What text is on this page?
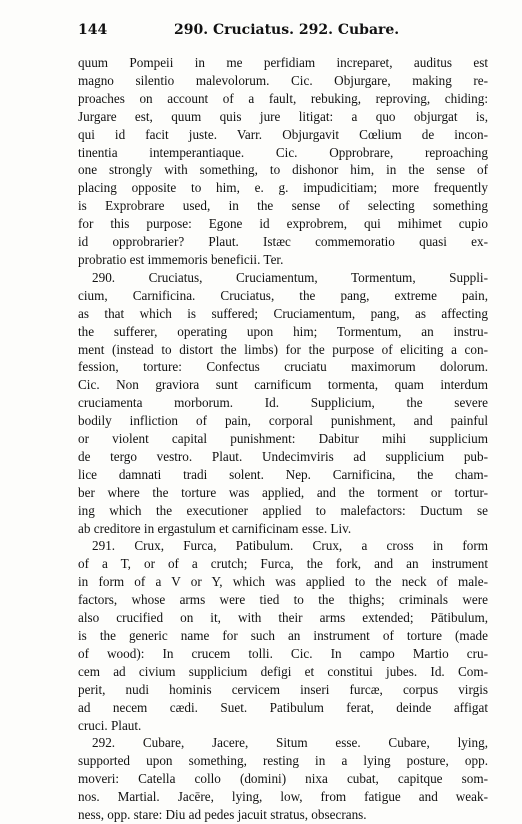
144	290. Cruciatus. 292. Cubare.
quum Pompeii in me perfidiam increparet, auditus est
magno silentio malevolorum. Cic. Objurgare, making re-
proaches on account of a fault, rebuking, reproving, chiding:
Jurgare est, quum quis jure litigat: a quo objurgat is,
qui id facit juste. Varr. Objurgavit Cœlium de incon-
tinentia intemperantiaque. Cic. Opprobrare, reproaching
one strongly with something, to dishonor him, in the sense of
placing opposite to him, e. g. impudicitiam; more frequently
is Exprobrare used, in the sense of selecting something
for this purpose: Egone id exprobrem, qui mihimet cupio
id opprobrarier? Plaut. Istæc commemoratio quasi ex-
probratio est immemoris beneficii. Ter.
290. Cruciatus, Cruciamentum, Tormentum, Suppli-
cium, Carnificina. Cruciatus, the pang, extreme pain,
as that which is suffered; Cruciamentum, pang, as affecting
the sufferer, operating upon him; Tormentum, an instru-
ment (instead to distort the limbs) for the purpose of eliciting a con-
fession, torture: Confectus cruciatu maximorum dolorum.
Cic. Non graviora sunt carnificum tormenta, quam interdum
cruciamenta morborum. Id. Supplicium, the severe
bodily infliction of pain, corporal punishment, and painful
or violent capital punishment: Dabitur mihi supplicium
de tergo vestro. Plaut. Undecimviris ad supplicium pub-
lice damnati tradi solent. Nep. Carnificina, the cham-
ber where the torture was applied, and the torment or tortur-
ing which the executioner applied to malefactors: Ductum se
ab creditore in ergastulum et carnificinam esse. Liv.
291. Crux, Furca, Patibulum. Crux, a cross in form
of a T, or of a crutch; Furca, the fork, and an instrument
in form of a V or Y, which was applied to the neck of male-
factors, whose arms were tied to the thighs; criminals were
also crucified on it, with their arms extended; Pātibulum,
is the generic name for such an instrument of torture (made
of wood): In crucem tolli. Cic. In campo Martio cru-
cem ad civium supplicium defigi et constitui jubes. Id. Com-
perit, nudi hominis cervicem inseri furcæ, corpus virgis
ad necem cædi. Suet. Patibulum ferat, deinde affigat
cruci. Plaut.
292. Cubare, Jacere, Situm esse. Cubare, lying,
supported upon something, resting in a lying posture, opp.
moveri: Catella collo (domini) nixa cubat, capitque som-
nos. Martial. Jacēre, lying, low, from fatigue and weak-
ness, opp. stare: Diu ad pedes jacuit stratus, obsecrans.
